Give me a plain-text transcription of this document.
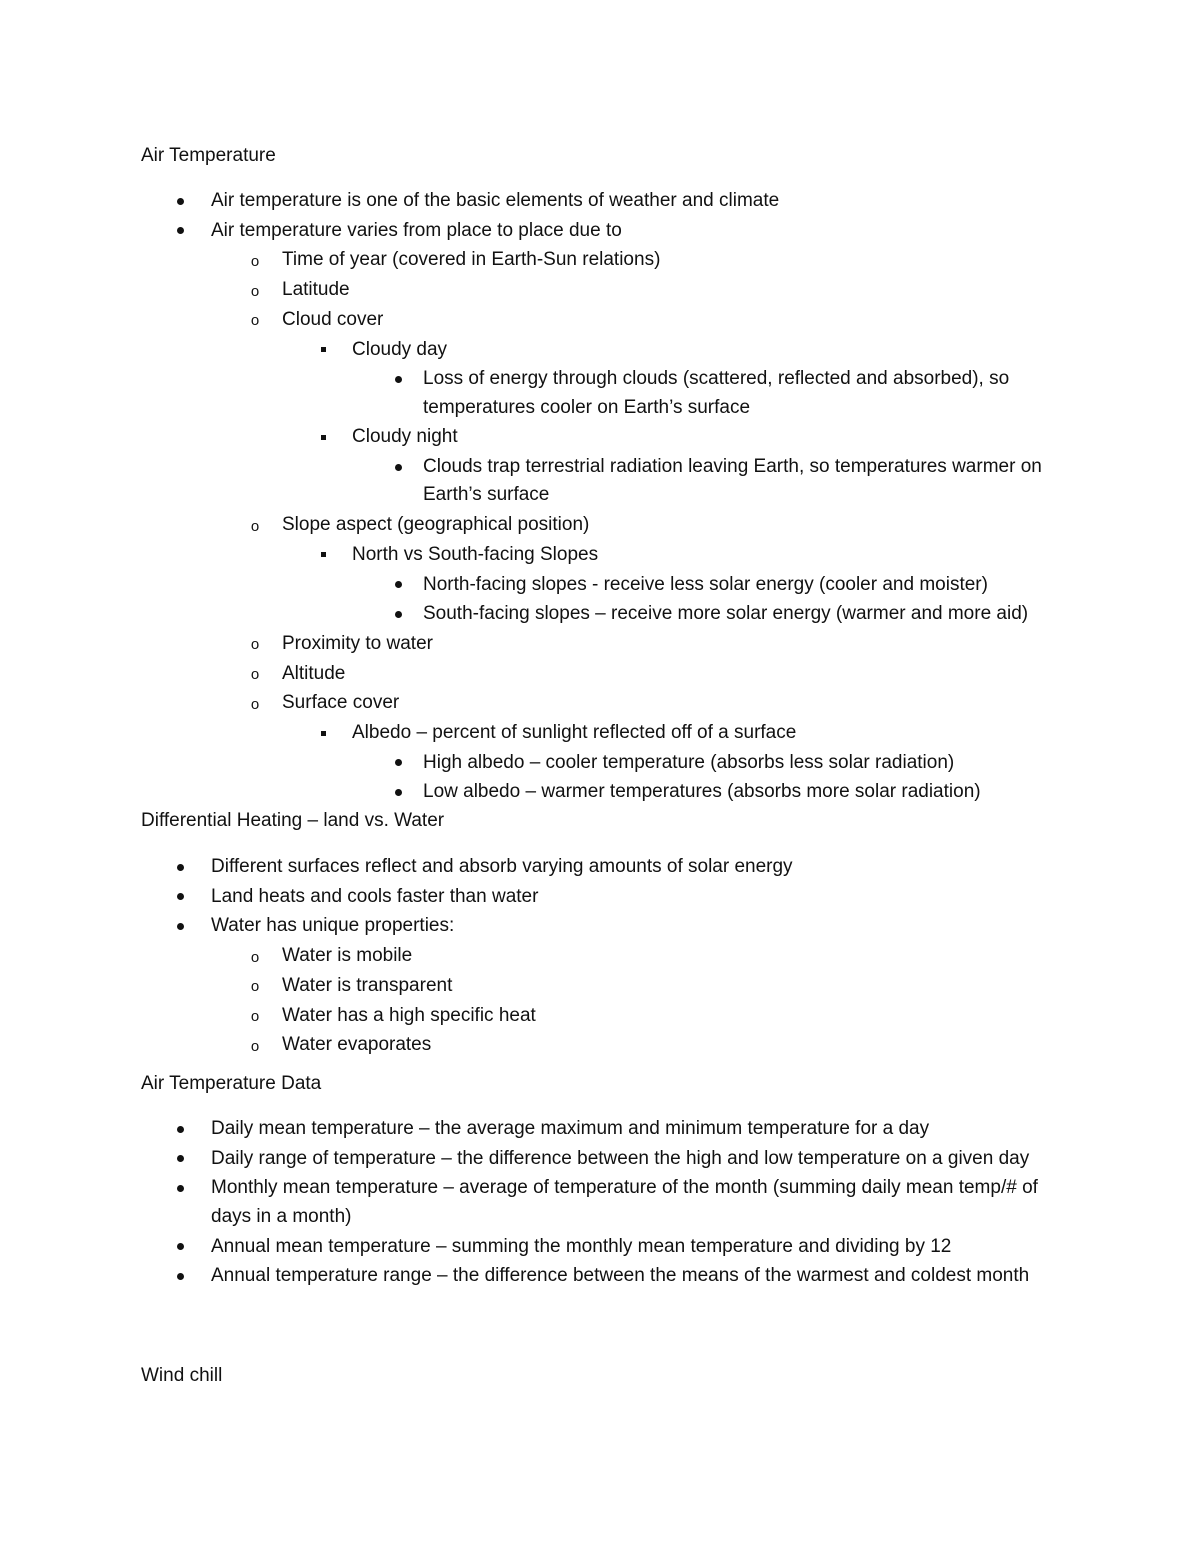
Air Temperature
Differential Heating – land vs. Water
Air Temperature Data
Wind chill
Air temperature is one of the basic elements of weather and climate
Air temperature varies from place to place due to
o Time of year (covered in Earth-Sun relations)
o Latitude
o Cloud cover
Cloudy day
Loss of energy through clouds (scattered, reflected and absorbed), so temperatures cooler on Earth’s surface
Cloudy night
Clouds trap terrestrial radiation leaving Earth, so temperatures warmer on Earth’s surface
o Slope aspect (geographical position)
North vs South-facing Slopes
North-facing slopes - receive less solar energy (cooler and moister)
South-facing slopes – receive more solar energy (warmer and more aid)
o Proximity to water
o Altitude
o Surface cover
Albedo – percent of sunlight reflected off of a surface
High albedo – cooler temperature (absorbs less solar radiation)
Low albedo – warmer temperatures (absorbs more solar radiation)
Different surfaces reflect and absorb varying amounts of solar energy
Land heats and cools faster than water
Water has unique properties:
o Water is mobile
o Water is transparent
o Water has a high specific heat
o Water evaporates
Daily mean temperature – the average maximum and minimum temperature for a day
Daily range of temperature – the difference between the high and low temperature on a given day
Monthly mean temperature – average of temperature of the month (summing daily mean temp/# of days in a month)
Annual mean temperature – summing the monthly mean temperature and dividing by 12
Annual temperature range – the difference between the means of the warmest and coldest month
